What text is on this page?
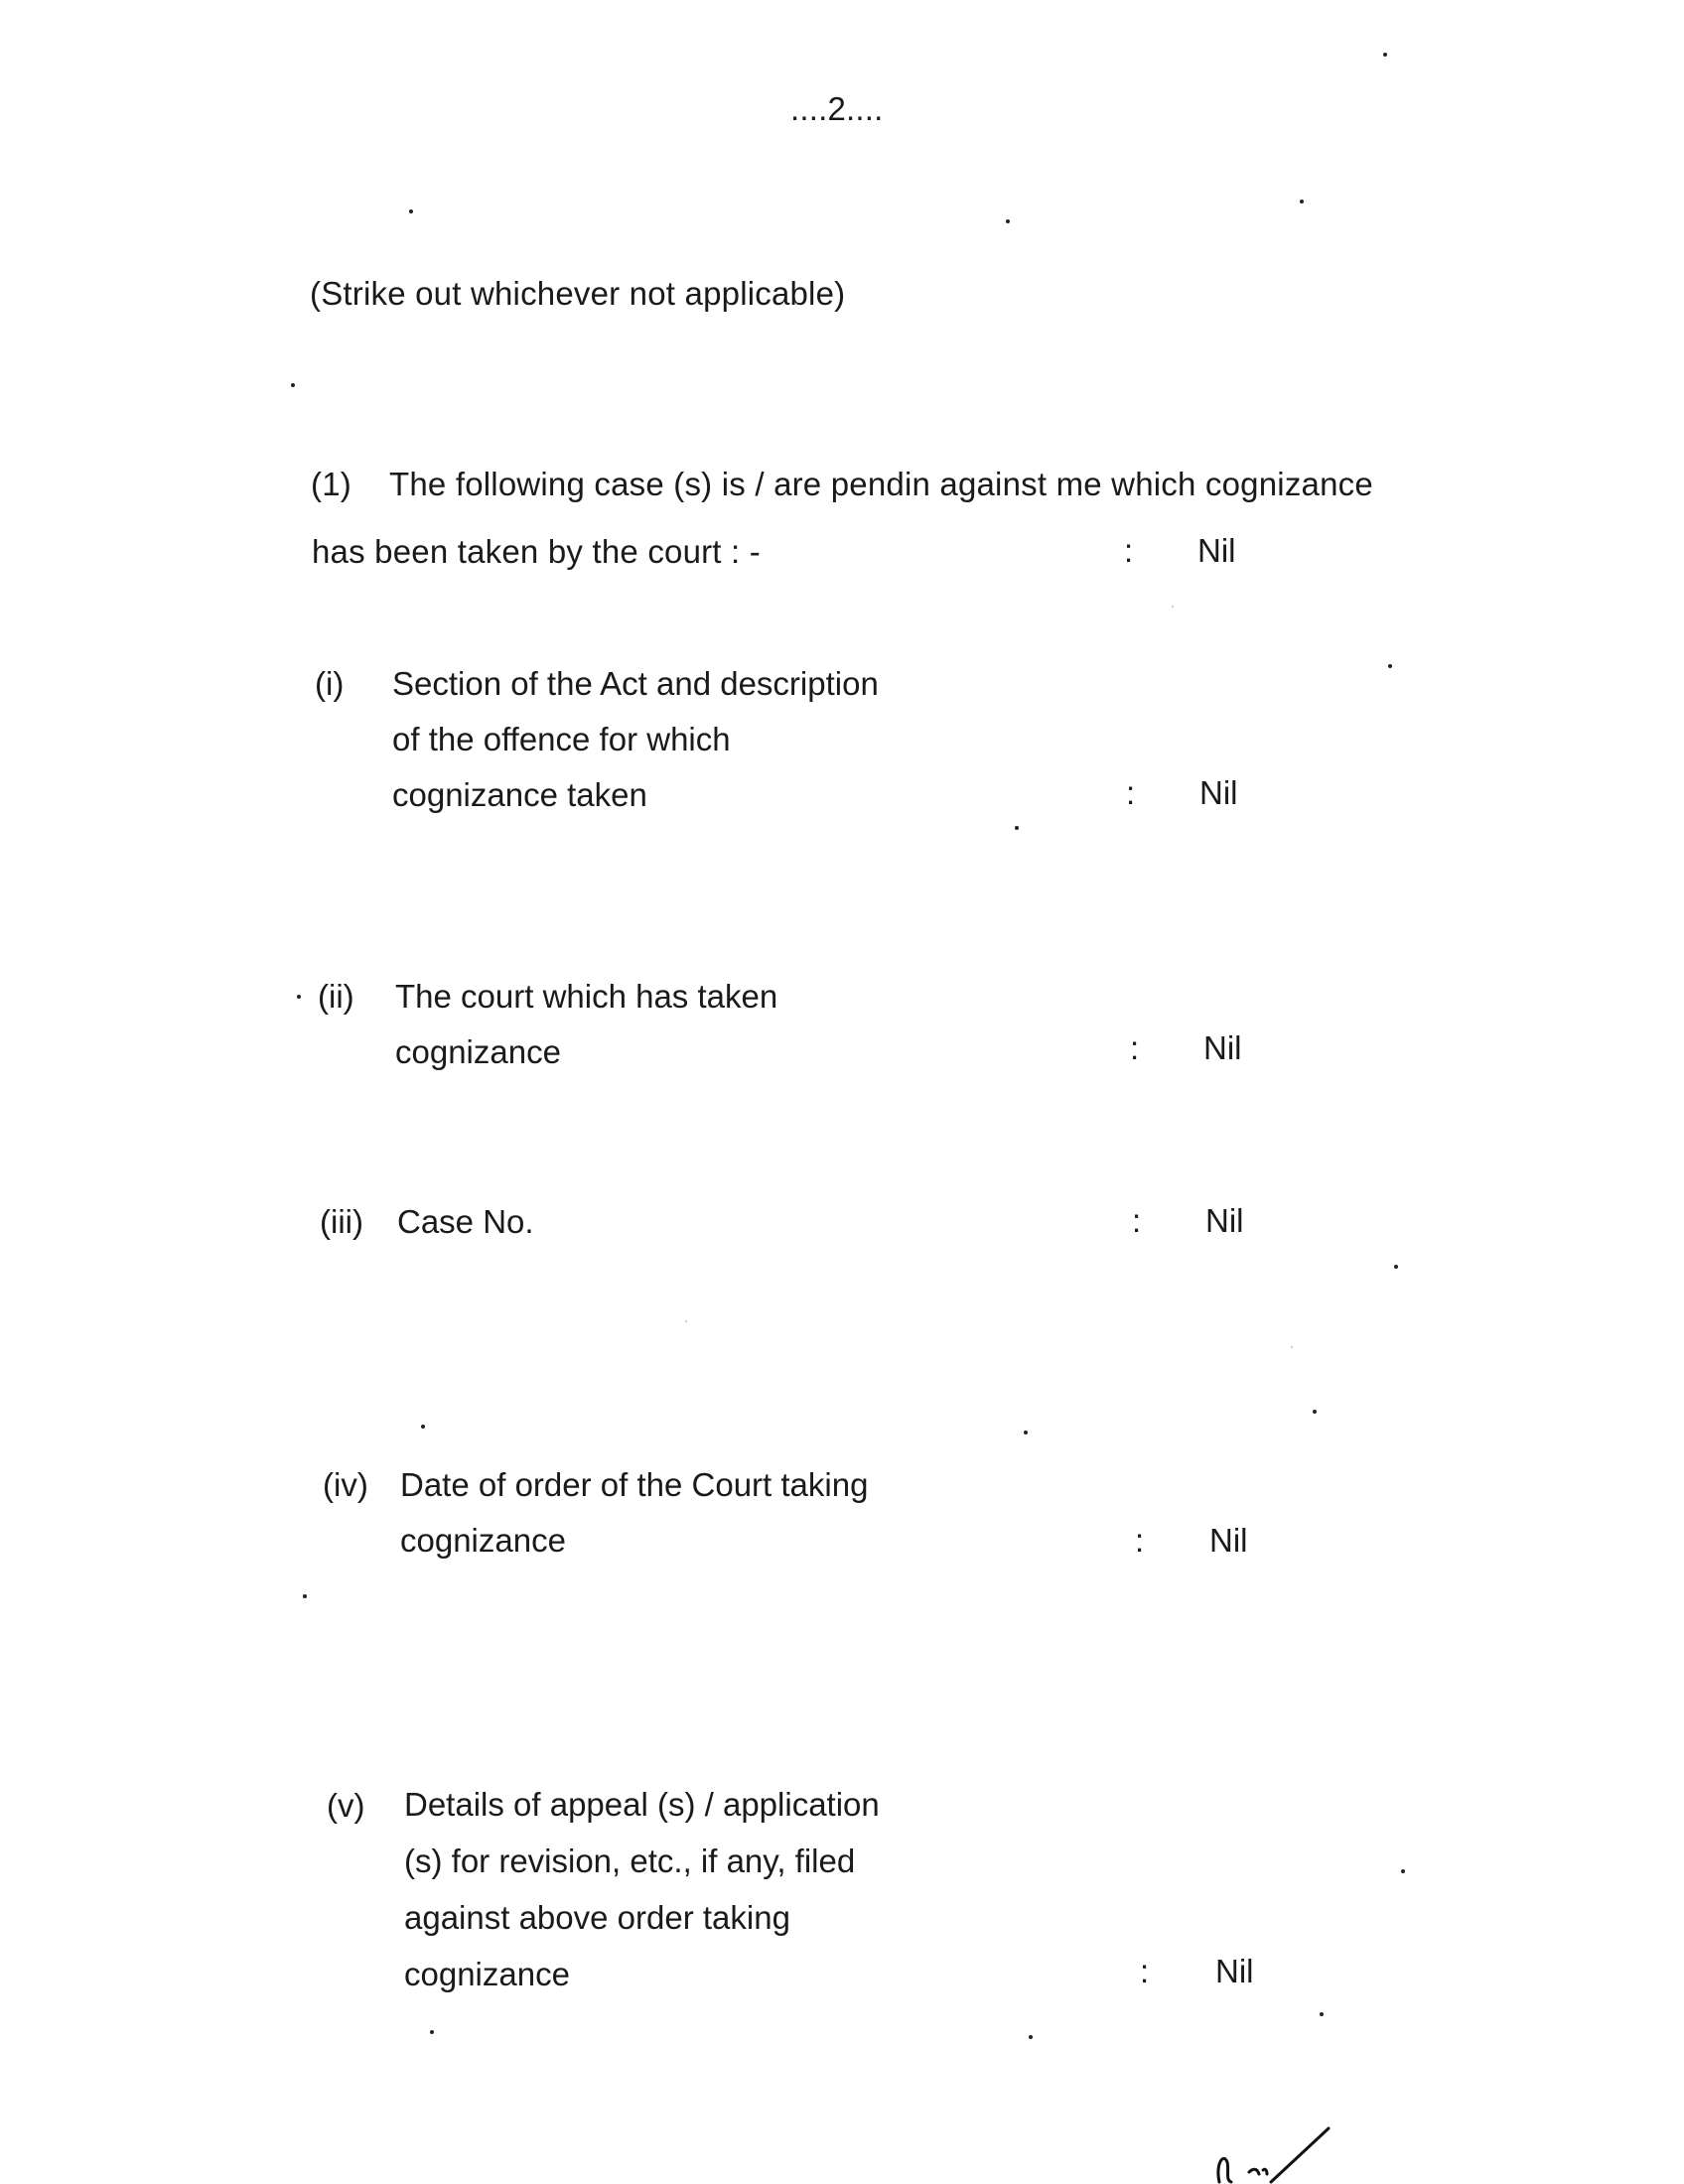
....2....
(Strike out whichever not applicable)
(1) The following case (s) is / are pendin against me which cognizance
has been taken by the court : -	: Nil
(i) Section of the Act and description
of the offence for which
cognizance taken	: Nil
(ii) The court which has taken
cognizance	: Nil
(iii) Case No.	: Nil
(iv) Date of order of the Court taking
cognizance	: Nil
(v) Details of appeal (s) / application
(s) for revision, etc., if any, filed
against above order taking
cognizance	: Nil
